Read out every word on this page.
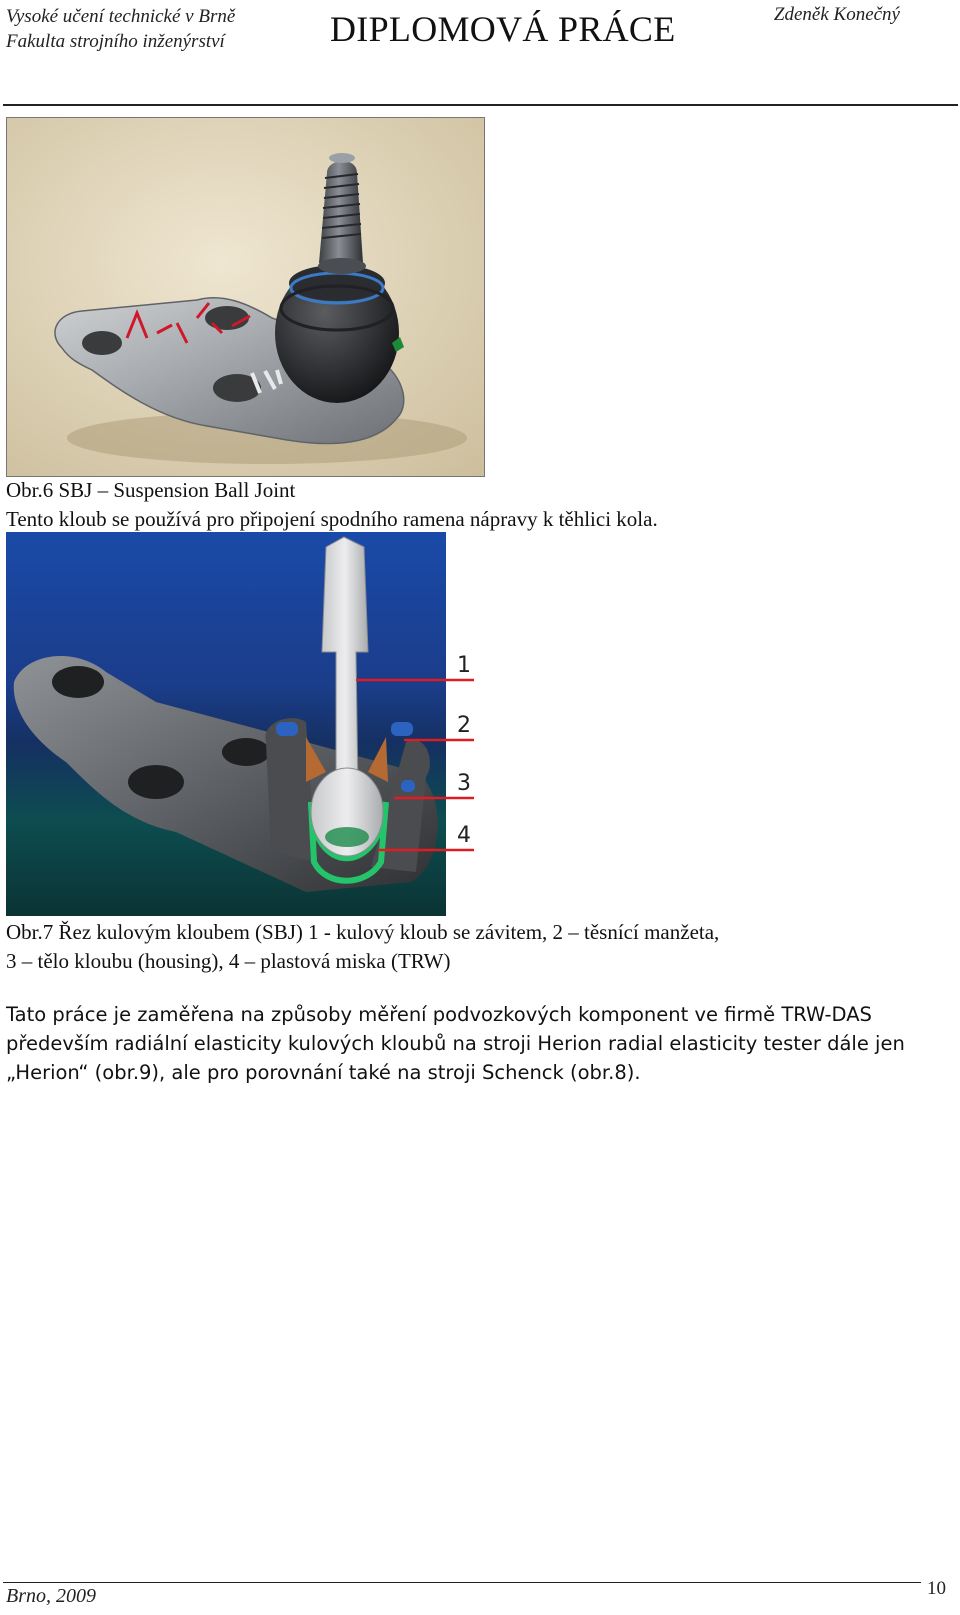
Vysoké učení technické v Brně
Fakulta strojního inženýrství	DIPLOMOVÁ PRÁCE	Zdeněk Konečný
Obr.6 SBJ – Suspension Ball Joint
Tento kloub se používá pro připojení spodního ramena nápravy k těhlici kola.
1
2
3
4
Obr.7 Řez kulovým kloubem (SBJ) 1 - kulový kloub se závitem, 2 – těsnící manžeta,
3 – tělo kloubu (housing), 4 – plastová miska (TRW)
Tato práce je zaměřena na způsoby měření podvozkových komponent ve firmě TRW-DAS
především radiální elasticity kulových kloubů na stroji Herion radial elasticity tester dále jen
„Herion“ (obr.9), ale pro porovnání také na stroji Schenck (obr.8).
Brno, 2009	10
